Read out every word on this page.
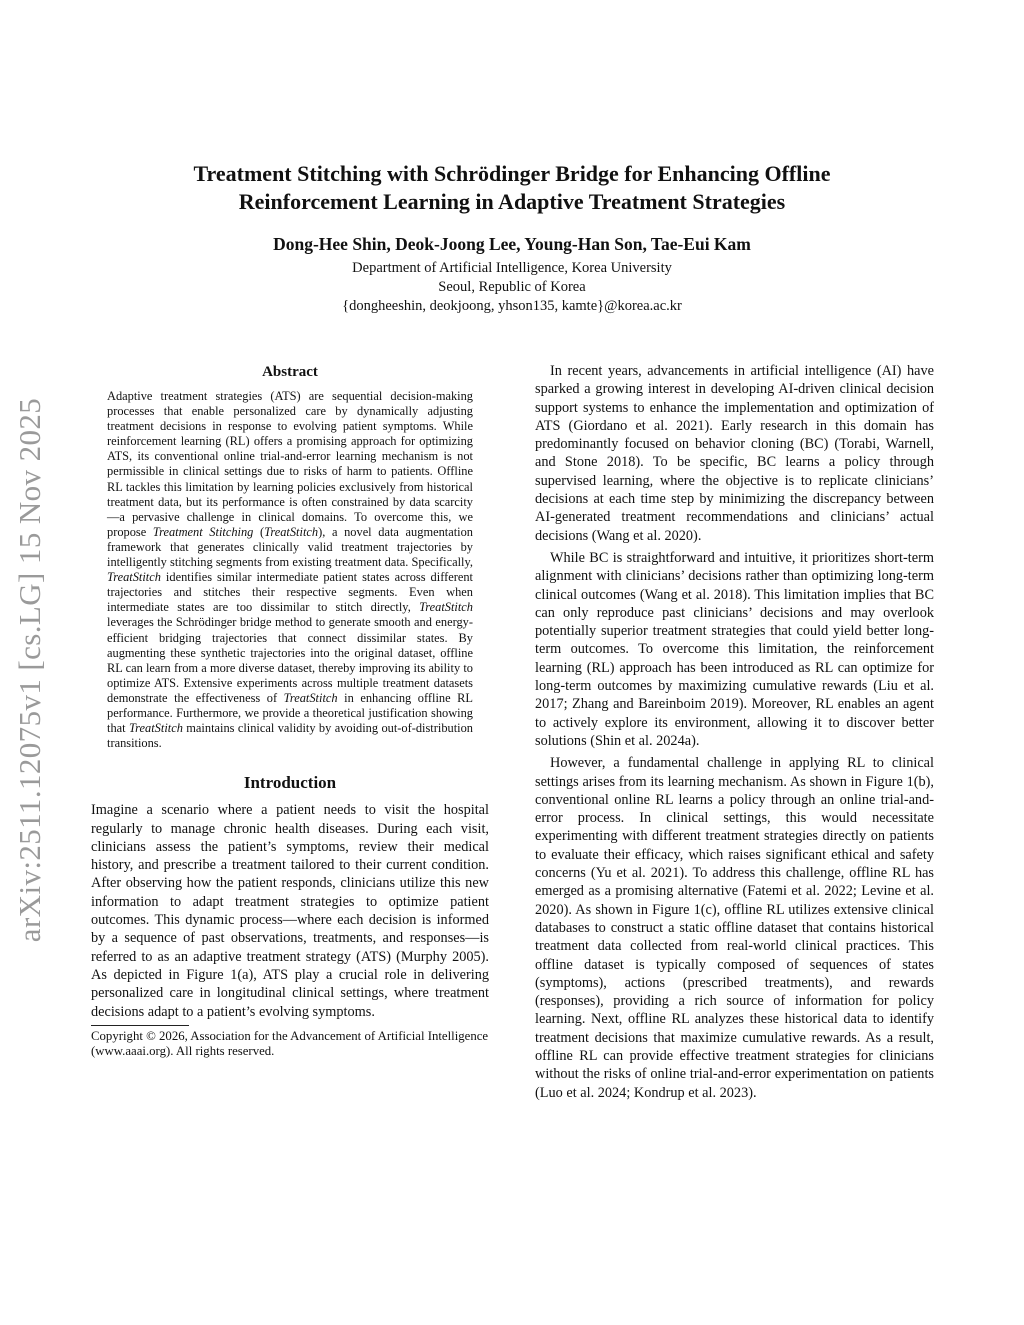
arXiv:2511.12075v1 [cs.LG] 15 Nov 2025
Treatment Stitching with Schrödinger Bridge for Enhancing Offline
Reinforcement Learning in Adaptive Treatment Strategies
Dong-Hee Shin, Deok-Joong Lee, Young-Han Son, Tae-Eui Kam
Department of Artificial Intelligence, Korea University
Seoul, Republic of Korea
{dongheeshin, deokjoong, yhson135, kamte}@korea.ac.kr
Abstract
Adaptive treatment strategies (ATS) are sequential decision-making processes that enable personalized care by dynamically adjusting treatment decisions in response to evolving patient symptoms. While reinforcement learning (RL) offers a promising approach for optimizing ATS, its conventional online trial-and-error learning mechanism is not permissible in clinical settings due to risks of harm to patients. Offline RL tackles this limitation by learning policies exclusively from historical treatment data, but its performance is often constrained by data scarcity—a pervasive challenge in clinical domains. To overcome this, we propose Treatment Stitching (TreatStitch), a novel data augmentation framework that generates clinically valid treatment trajectories by intelligently stitching segments from existing treatment data. Specifically, TreatStitch identifies similar intermediate patient states across different trajectories and stitches their respective segments. Even when intermediate states are too dissimilar to stitch directly, TreatStitch leverages the Schrödinger bridge method to generate smooth and energy-efficient bridging trajectories that connect dissimilar states. By augmenting these synthetic trajectories into the original dataset, offline RL can learn from a more diverse dataset, thereby improving its ability to optimize ATS. Extensive experiments across multiple treatment datasets demonstrate the effectiveness of TreatStitch in enhancing offline RL performance. Furthermore, we provide a theoretical justification showing that TreatStitch maintains clinical validity by avoiding out-of-distribution transitions.
Introduction

Imagine a scenario where a patient needs to visit the hospital regularly to manage chronic health diseases. During each visit, clinicians assess the patient’s symptoms, review their medical history, and prescribe a treatment tailored to their current condition. After observing how the patient responds, clinicians utilize this new information to adapt treatment strategies to optimize patient outcomes. This dynamic process—where each decision is informed by a sequence of past observations, treatments, and responses—is referred to as an adaptive treatment strategy (ATS) (Murphy 2005). As depicted in Figure 1(a), ATS play a crucial role in delivering personalized care in longitudinal clinical settings, where treatment decisions adapt to a patient’s evolving symptoms.

Copyright © 2026, Association for the Advancement of Artificial Intelligence (www.aaai.org). All rights reserved.

In recent years, advancements in artificial intelligence (AI) have sparked a growing interest in developing AI-driven clinical decision support systems to enhance the implementation and optimization of ATS (Giordano et al. 2021). Early research in this domain has predominantly focused on behavior cloning (BC) (Torabi, Warnell, and Stone 2018). To be specific, BC learns a policy through supervised learning, where the objective is to replicate clinicians’ decisions at each time step by minimizing the discrepancy between AI-generated treatment recommendations and clinicians’ actual decisions (Wang et al. 2020).

While BC is straightforward and intuitive, it prioritizes short-term alignment with clinicians’ decisions rather than optimizing long-term clinical outcomes (Wang et al. 2018). This limitation implies that BC can only reproduce past clinicians’ decisions and may overlook potentially superior treatment strategies that could yield better long-term outcomes. To overcome this limitation, the reinforcement learning (RL) approach has been introduced as RL can optimize for long-term outcomes by maximizing cumulative rewards (Liu et al. 2017; Zhang and Bareinboim 2019). Moreover, RL enables an agent to actively explore its environment, allowing it to discover better solutions (Shin et al. 2024a).

However, a fundamental challenge in applying RL to clinical settings arises from its learning mechanism. As shown in Figure 1(b), conventional online RL learns a policy through an online trial-and-error process. In clinical settings, this would necessitate experimenting with different treatment strategies directly on patients to evaluate their efficacy, which raises significant ethical and safety concerns (Yu et al. 2021). To address this challenge, offline RL has emerged as a promising alternative (Fatemi et al. 2022; Levine et al. 2020). As shown in Figure 1(c), offline RL utilizes extensive clinical databases to construct a static offline dataset that contains historical treatment data collected from real-world clinical practices. This offline dataset is typically composed of sequences of states (symptoms), actions (prescribed treatments), and rewards (responses), providing a rich source of information for policy learning. Next, offline RL analyzes these historical data to identify treatment decisions that maximize cumulative rewards. As a result, offline RL can provide effective treatment strategies for clinicians without the risks of online trial-and-error experimentation on patients (Luo et al. 2024; Kondrup et al. 2023).
